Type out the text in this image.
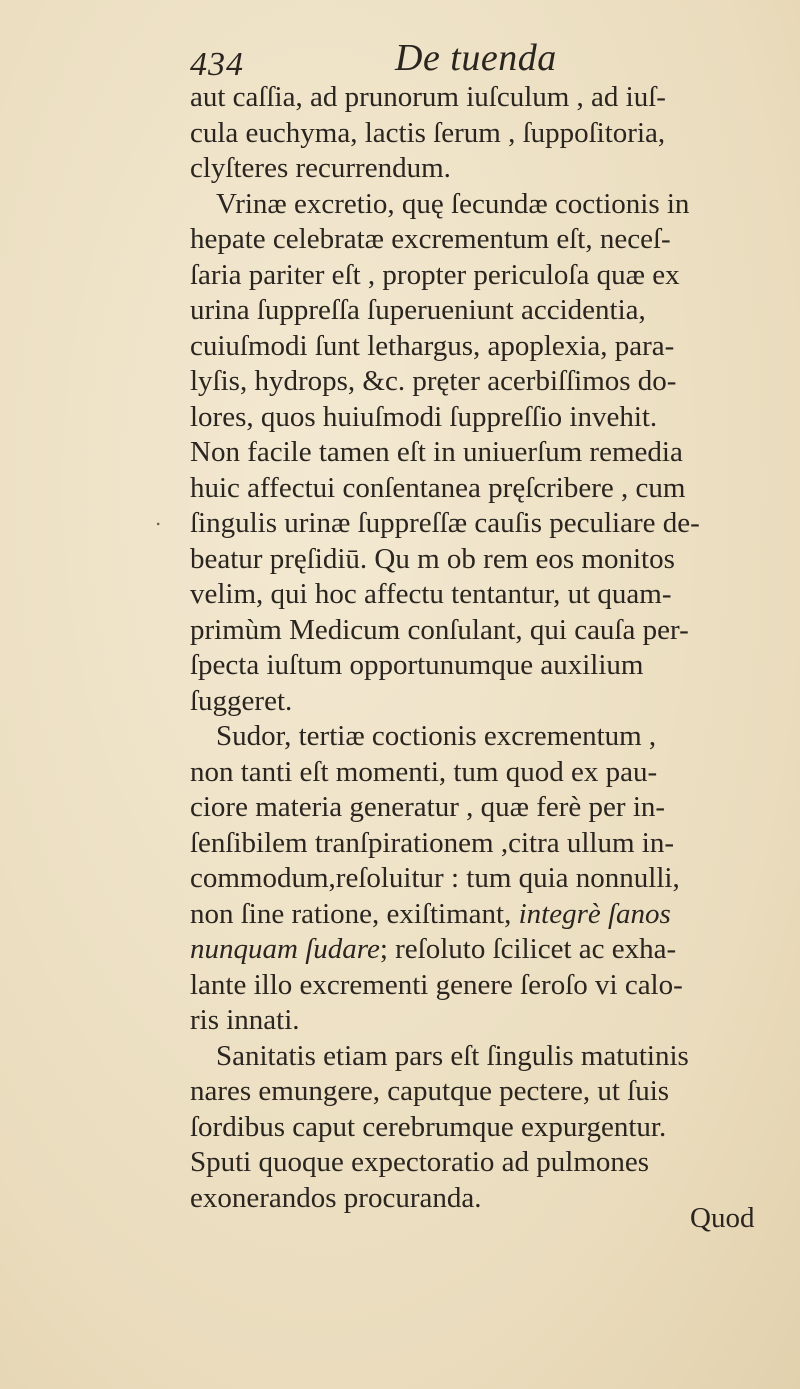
434	De tuenda
.
aut caſſia, ad prunorum iuſculum , ad iuſ-
cula euchyma, lactis ſerum , ſuppoſitoria,
clyſteres recurrendum.
Vrinæ excretio, quę ſecundæ coctionis in
hepate celebratæ excrementum eſt, neceſ-
ſaria pariter eſt , propter periculoſa quæ ex
urina ſuppreſſa ſuperueniunt accidentia,
cuiuſmodi ſunt lethargus, apoplexia, para-
lyſis, hydrops, &c. pręter acerbiſſimos do-
lores, quos huiuſmodi ſuppreſſio invehit.
Non facile tamen eſt in uniuerſum remedia
huic affectui conſentanea pręſcribere , cum
ſingulis urinæ ſuppreſſæ cauſis peculiare de-
beatur pręſidiū. Qu m ob rem eos monitos
velim, qui hoc affectu tentantur, ut quam-
primùm Medicum conſulant, qui cauſa per-
ſpecta iuſtum opportunumque auxilium
ſuggeret.
Sudor, tertiæ coctionis excrementum ,
non tanti eſt momenti, tum quod ex pau-
ciore materia generatur , quæ ferè per in-
ſenſibilem tranſpirationem ,citra ullum in-
commodum,reſoluitur : tum quia nonnulli,
non ſine ratione, exiſtimant, integrè ſanos
nunquam ſudare; reſoluto ſcilicet ac exha-
lante illo excrementi genere ſeroſo vi calo-
ris innati.
Sanitatis etiam pars eſt ſingulis matutinis
nares emungere, caputque pectere, ut ſuis
ſordibus caput cerebrumque expurgentur.
Sputi quoque expectoratio ad pulmones
exonerandos procuranda.
Quod
